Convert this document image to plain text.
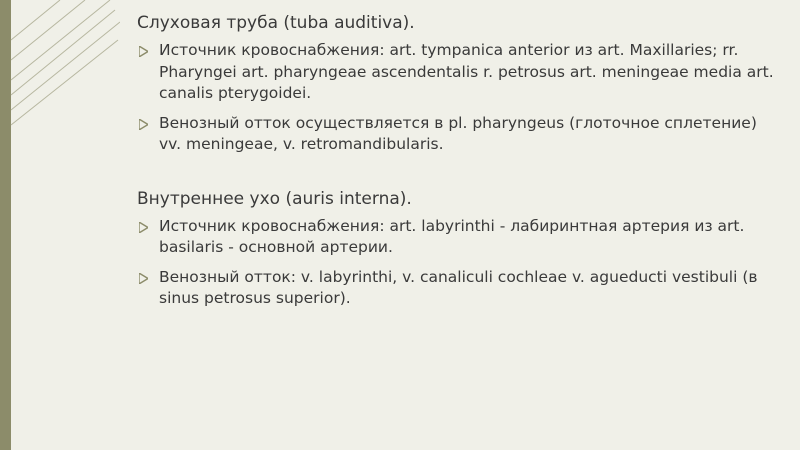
Слуховая труба (tuba auditiva).
Источник кровоснабжения: art. tympanica anterior из art. Maxillaries; rr. Pharyngei art. pharyngeae ascendentalis r. petrosus art. meningeae media art. canalis pterygoidei.
Венозный отток осуществляется в pl. pharyngeus (глоточное сплетение) vv. meningeae, v. retromandibularis.
Внутреннее ухо (auris interna).
Источник кровоснабжения: art. labyrinthi - лабиринтная артерия из art. basilaris - основной артерии.
Венозный отток: v. labyrinthi, v. canaliculi cochleae v. agueducti vestibuli (в sinus petrosus superior).
